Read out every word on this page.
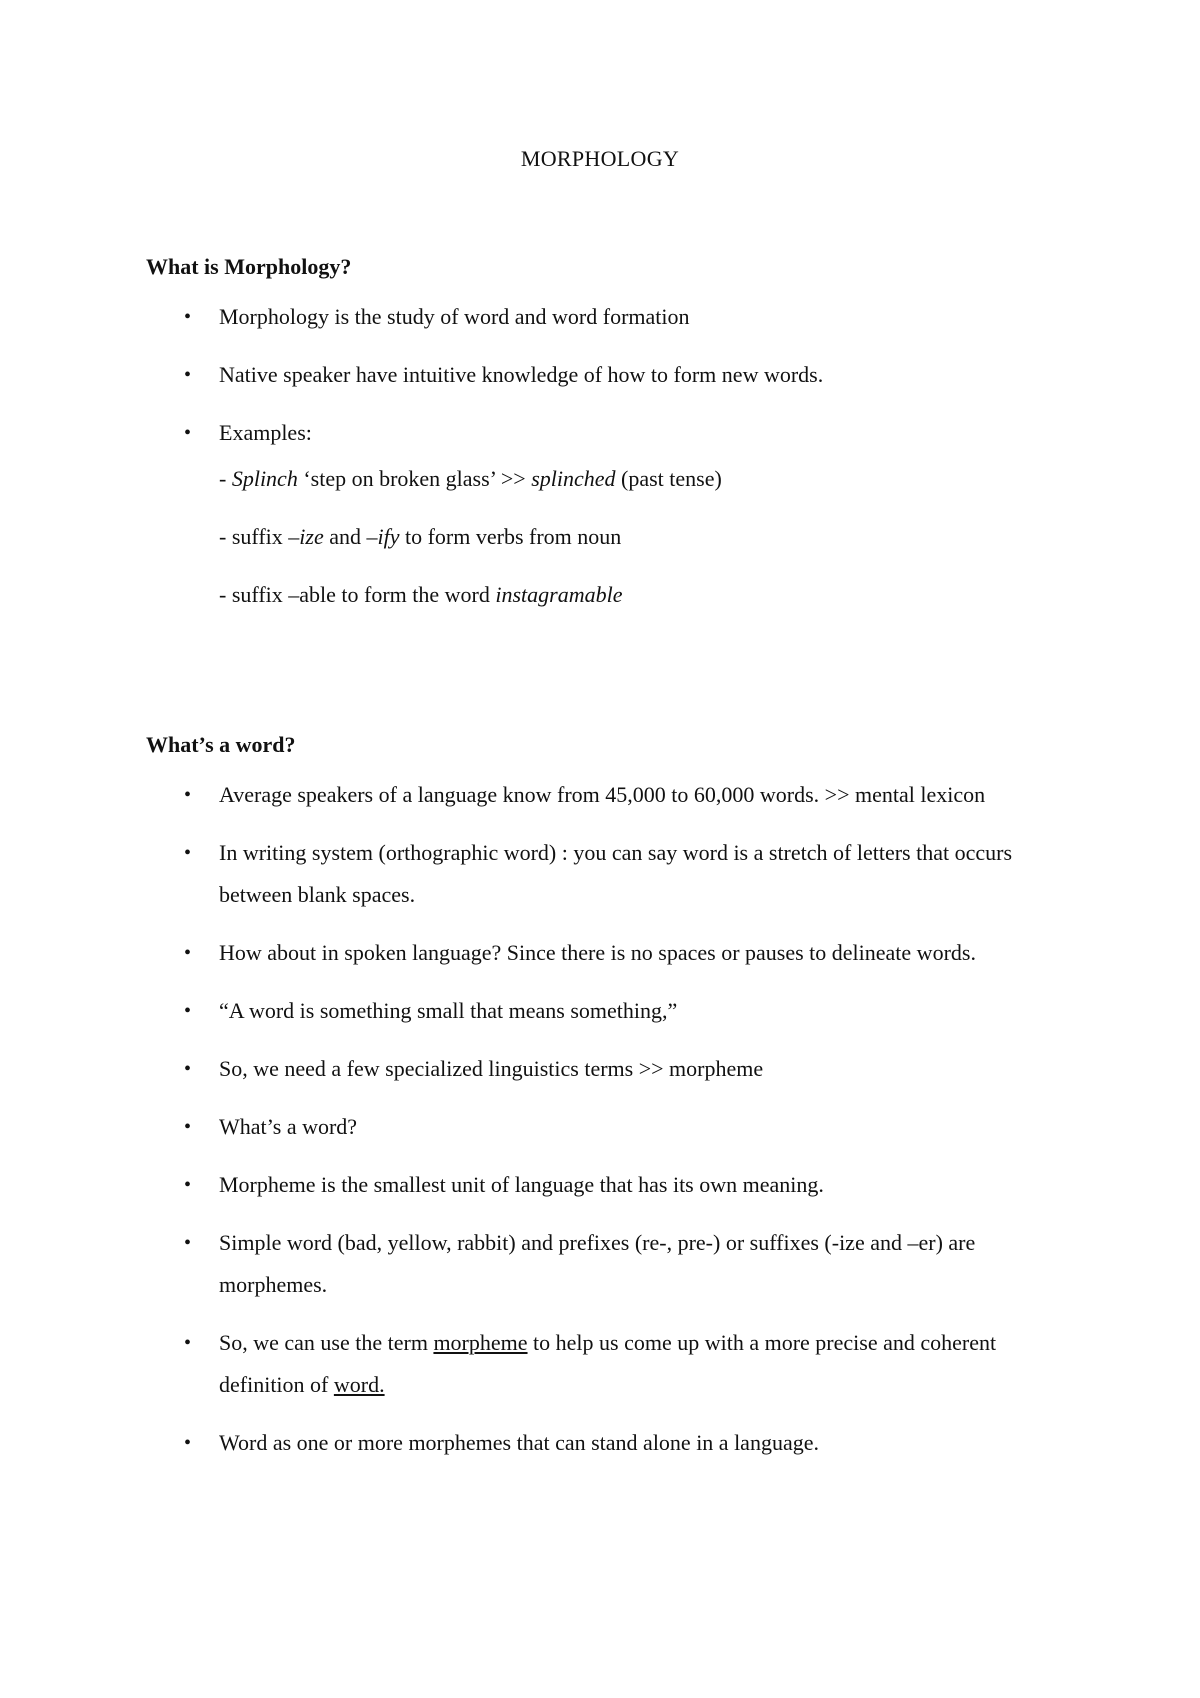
MORPHOLOGY
What is Morphology?
• Morphology is the study of word and word formation
• Native speaker have intuitive knowledge of how to form new words.
• Examples:
- Splinch ‘step on broken glass’ >> splinched (past tense)
- suffix –ize and –ify to form verbs from noun
- suffix –able to form the word instagramable
What’s a word?
• Average speakers of a language know from 45,000 to 60,000 words. >> mental lexicon
• In writing system (orthographic word) : you can say word is a stretch of letters that occurs between blank spaces.
• How about in spoken language? Since there is no spaces or pauses to delineate words.
• “A word is something small that means something,”
• So, we need a few specialized linguistics terms >> morpheme
• What’s a word?
• Morpheme is the smallest unit of language that has its own meaning.
• Simple word (bad, yellow, rabbit) and prefixes (re-, pre-) or suffixes (-ize and –er) are morphemes.
• So, we can use the term morpheme to help us come up with a more precise and coherent definition of word.
• Word as one or more morphemes that can stand alone in a language.
